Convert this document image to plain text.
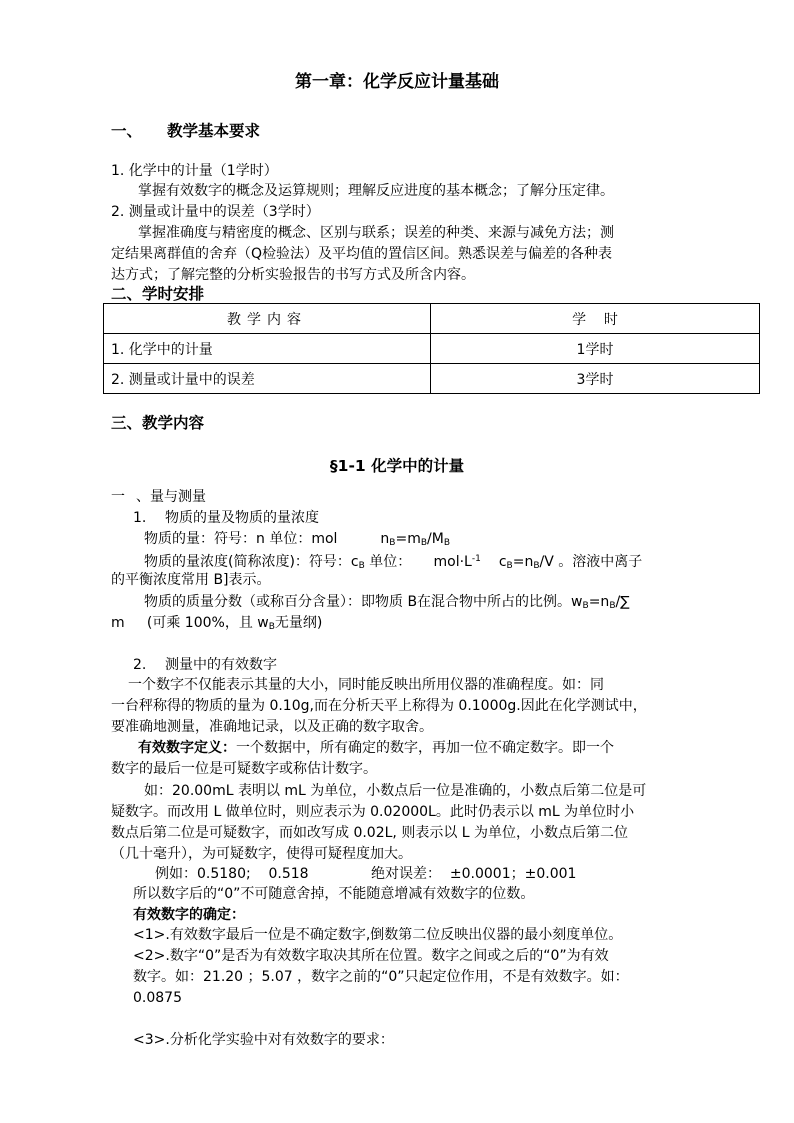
第一章：化学反应计量基础
一、 教学基本要求
1. 化学中的计量（1学时）
掌握有效数字的概念及运算规则；理解反应进度的基本概念；了解分压定律。
2. 测量或计量中的误差（3学时）
掌握准确度与精密度的概念、区别与联系；误差的种类、来源与减免方法；测
定结果离群值的舍弃（Q检验法）及平均值的置信区间。熟悉误差与偏差的各种表
达方式；了解完整的分析实验报告的书写方式及所含内容。
二、学时安排
教学内容	学    时
1. 化学中的计量	1学时
2. 测量或计量中的误差	3学时
三、教学内容
§1-1 化学中的计量
一 、量与测量
1. 物质的量及物质的量浓度
物质的量：符号：n 单位：mol	$n_B=m_B/M_B$
物质的量浓度(简称浓度)：符号：$c_B$ 单位：     $mol\cdot L^{-1}$ $c_B=n_B/V$ 。溶液中离子
的平衡浓度常用 B]表示。
物质的质量分数（或称百分含量）：即物质 B在混合物中所占的比例。$w_B=n_B/\sum$
m     (可乘 100%，且 $w_B$无量纲)
2. 测量中的有效数字
一个数字不仅能表示其量的大小，同时能反映出所用仪器的准确程度。如：同
一台秤称得的物质的量为 0.10g,而在分析天平上称得为 0.1000g.因此在化学测试中，
要准确地测量，准确地记录，以及正确的数字取舍。
有效数字定义：一个数据中，所有确定的数字，再加一位不确定数字。即一个
数字的最后一位是可疑数字或称估计数字。
如：20.00mL 表明以 mL 为单位，小数点后一位是准确的，小数点后第二位是可
疑数字。而改用 L 做单位时，则应表示为 0.02000L。此时仍表示以 mL 为单位时小
数点后第二位是可疑数字，而如改写成 0.02L, 则表示以 L 为单位，小数点后第二位
（几十毫升），为可疑数字，使得可疑程度加大。
例如：0.5180;    0.518	绝对误差：  ±0.0001；±0.001
所以数字后的“0”不可随意舍掉，不能随意增减有效数字的位数。
有效数字的确定：
<1>.有效数字最后一位是不确定数字,倒数第二位反映出仪器的最小刻度单位。
<2>.数字“0”是否为有效数字取决其所在位置。数字之间或之后的“0”为有效
数字。如：21.20 ；5.07 ，数字之前的“0”只起定位作用，不是有效数字。如：
0.0875
<3>.分析化学实验中对有效数字的要求：
